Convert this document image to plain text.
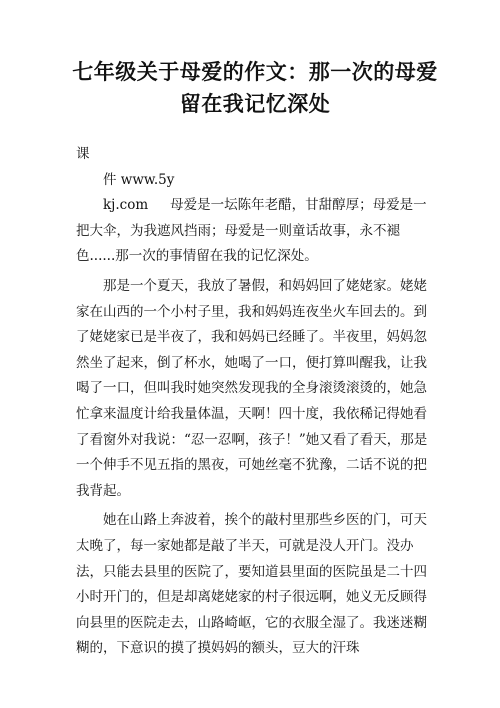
七年级关于母爱的作文：那一次的母爱
留在我记忆深处

课

件 www.5y

kj.com 母爱是一坛陈年老醋，甘甜醇厚；母爱是一把大伞，为我遮风挡雨；母爱是一则童话故事，永不褪色......那一次的事情留在我的记忆深处。

那是一个夏天，我放了暑假，和妈妈回了姥姥家。姥姥家在山西的一个小村子里，我和妈妈连夜坐火车回去的。到了姥姥家已是半夜了，我和妈妈已经睡了。半夜里，妈妈忽然坐了起来，倒了杯水，她喝了一口，便打算叫醒我，让我喝了一口，但叫我时她突然发现我的全身滚烫滚烫的，她急忙拿来温度计给我量体温，天啊！四十度，我依稀记得她看了看窗外对我说：“忍一忍啊，孩子！”她又看了看天，那是一个伸手不见五指的黑夜，可她丝毫不犹豫，二话不说的把我背起。

她在山路上奔波着，挨个的敲村里那些乡医的门，可天太晚了，每一家她都是敲了半天，可就是没人开门。没办法，只能去县里的医院了，要知道县里面的医院虽是二十四小时开门的，但是却离姥姥家的村子很远啊，她义无反顾得向县里的医院走去，山路崎岖，它的衣服全湿了。我迷迷糊糊的，下意识的摸了摸妈妈的额头，豆大的汗珠
